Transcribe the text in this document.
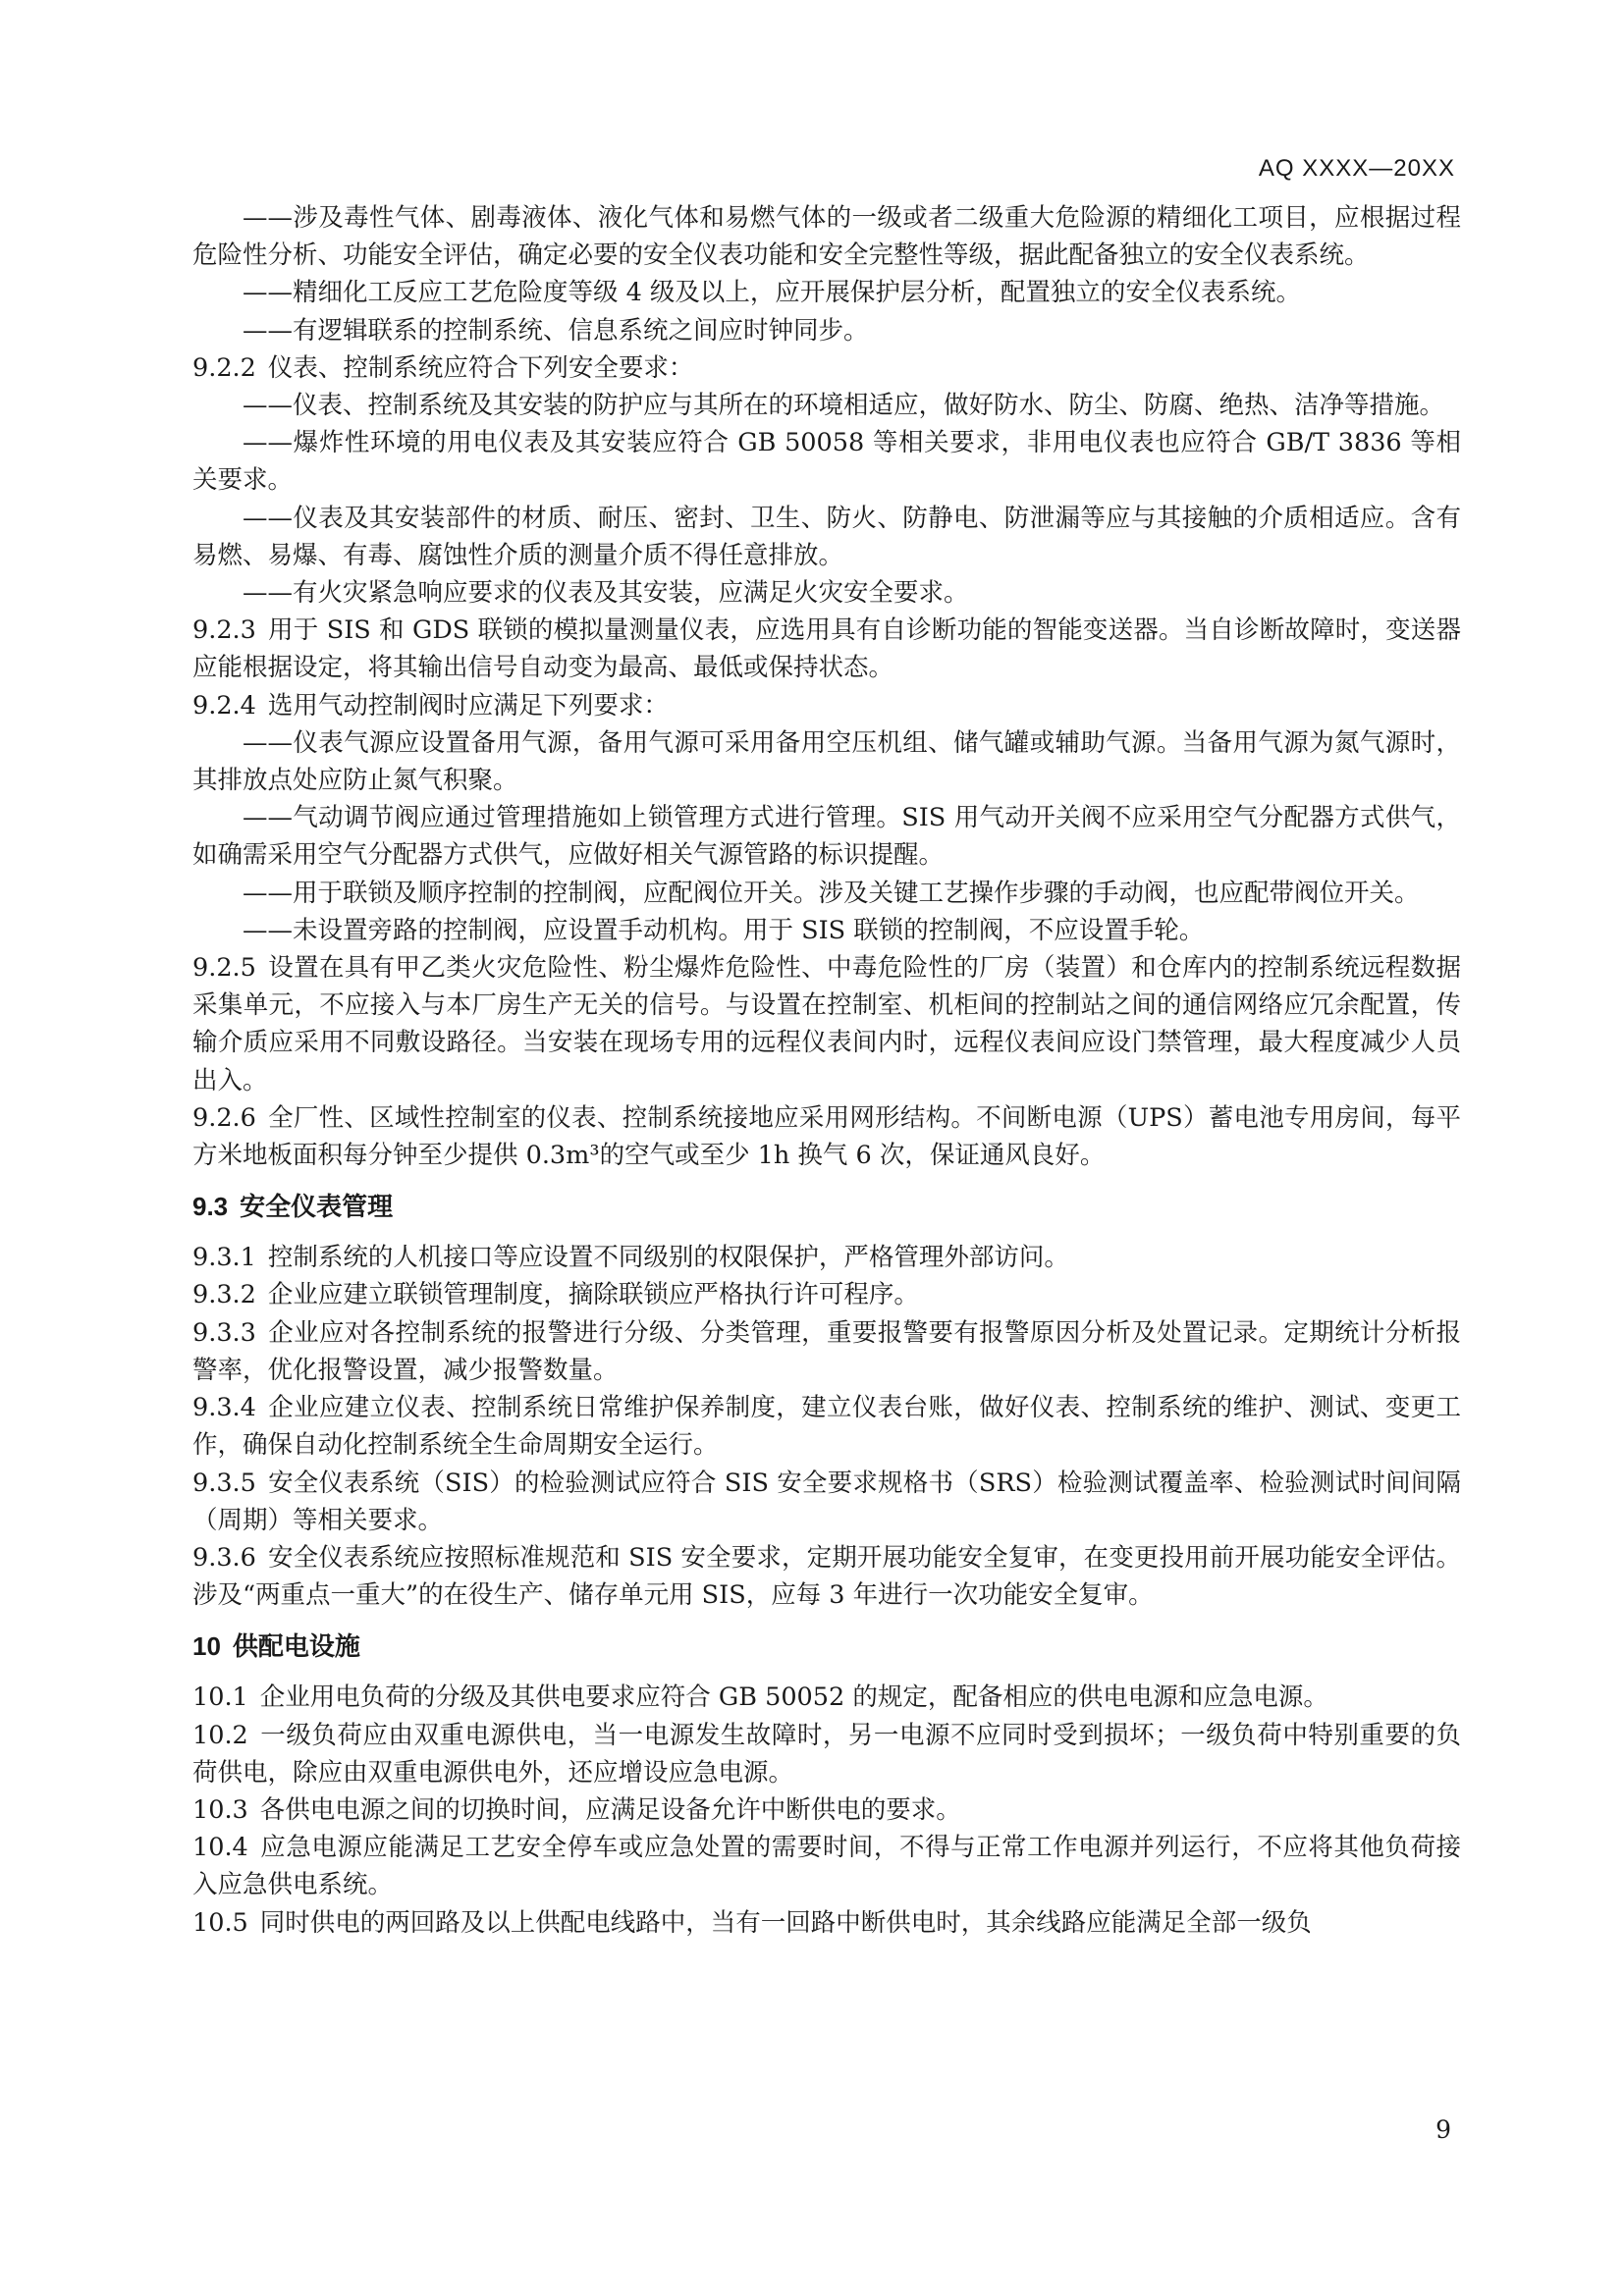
AQ XXXX—20XX

——涉及毒性气体、剧毒液体、液化气体和易燃气体的一级或者二级重大危险源的精细化工项目，应根据过程危险性分析、功能安全评估，确定必要的安全仪表功能和安全完整性等级，据此配备独立的安全仪表系统。

——精细化工反应工艺危险度等级 4 级及以上，应开展保护层分析，配置独立的安全仪表系统。

——有逻辑联系的控制系统、信息系统之间应时钟同步。

9.2.2 仪表、控制系统应符合下列安全要求：

——仪表、控制系统及其安装的防护应与其所在的环境相适应，做好防水、防尘、防腐、绝热、洁净等措施。

——爆炸性环境的用电仪表及其安装应符合 GB 50058 等相关要求，非用电仪表也应符合 GB/T 3836 等相关要求。

——仪表及其安装部件的材质、耐压、密封、卫生、防火、防静电、防泄漏等应与其接触的介质相适应。含有易燃、易爆、有毒、腐蚀性介质的测量介质不得任意排放。

——有火灾紧急响应要求的仪表及其安装，应满足火灾安全要求。

9.2.3 用于 SIS 和 GDS 联锁的模拟量测量仪表，应选用具有自诊断功能的智能变送器。当自诊断故障时，变送器应能根据设定，将其输出信号自动变为最高、最低或保持状态。

9.2.4 选用气动控制阀时应满足下列要求：

——仪表气源应设置备用气源，备用气源可采用备用空压机组、储气罐或辅助气源。当备用气源为氮气源时，其排放点处应防止氮气积聚。

——气动调节阀应通过管理措施如上锁管理方式进行管理。SIS 用气动开关阀不应采用空气分配器方式供气，如确需采用空气分配器方式供气，应做好相关气源管路的标识提醒。

——用于联锁及顺序控制的控制阀，应配阀位开关。涉及关键工艺操作步骤的手动阀，也应配带阀位开关。

——未设置旁路的控制阀，应设置手动机构。用于 SIS 联锁的控制阀，不应设置手轮。

9.2.5 设置在具有甲乙类火灾危险性、粉尘爆炸危险性、中毒危险性的厂房（装置）和仓库内的控制系统远程数据采集单元，不应接入与本厂房生产无关的信号。与设置在控制室、机柜间的控制站之间的通信网络应冗余配置，传输介质应采用不同敷设路径。当安装在现场专用的远程仪表间内时，远程仪表间应设门禁管理，最大程度减少人员出入。

9.2.6 全厂性、区域性控制室的仪表、控制系统接地应采用网形结构。不间断电源（UPS）蓄电池专用房间，每平方米地板面积每分钟至少提供 0.3m³的空气或至少 1h 换气 6 次，保证通风良好。

9.3 安全仪表管理

9.3.1 控制系统的人机接口等应设置不同级别的权限保护，严格管理外部访问。

9.3.2 企业应建立联锁管理制度，摘除联锁应严格执行许可程序。

9.3.3 企业应对各控制系统的报警进行分级、分类管理，重要报警要有报警原因分析及处置记录。定期统计分析报警率，优化报警设置，减少报警数量。

9.3.4 企业应建立仪表、控制系统日常维护保养制度，建立仪表台账，做好仪表、控制系统的维护、测试、变更工作，确保自动化控制系统全生命周期安全运行。

9.3.5 安全仪表系统（SIS）的检验测试应符合 SIS 安全要求规格书（SRS）检验测试覆盖率、检验测试时间间隔（周期）等相关要求。

9.3.6 安全仪表系统应按照标准规范和 SIS 安全要求，定期开展功能安全复审，在变更投用前开展功能安全评估。涉及“两重点一重大”的在役生产、储存单元用 SIS，应每 3 年进行一次功能安全复审。

10 供配电设施

10.1 企业用电负荷的分级及其供电要求应符合 GB 50052 的规定，配备相应的供电电源和应急电源。

10.2 一级负荷应由双重电源供电，当一电源发生故障时，另一电源不应同时受到损坏；一级负荷中特别重要的负荷供电，除应由双重电源供电外，还应增设应急电源。

10.3 各供电电源之间的切换时间，应满足设备允许中断供电的要求。

10.4 应急电源应能满足工艺安全停车或应急处置的需要时间，不得与正常工作电源并列运行，不应将其他负荷接入应急供电系统。

10.5 同时供电的两回路及以上供配电线路中，当有一回路中断供电时，其余线路应能满足全部一级负

9
